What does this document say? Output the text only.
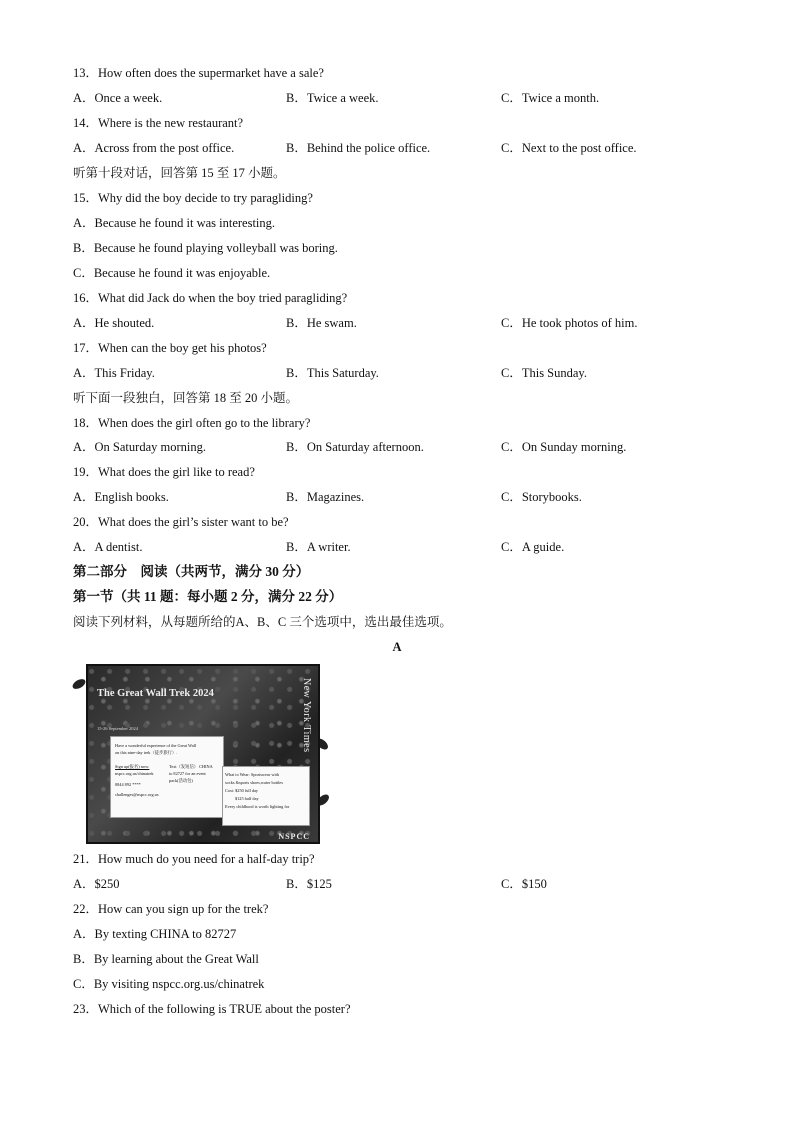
13．How often does the supermarket have a sale?
A．Once a week.	B．Twice a week.	C．Twice a month.
14．Where is the new restaurant?
A．Across from the post office.	B．Behind the police office.	C．Next to the post office.
听第十段对话，回答第 15 至 17 小题。
15．Why did the boy decide to try paragliding?
A．Because he found it was interesting.
B．Because he found playing volleyball was boring.
C．Because he found it was enjoyable.
16．What did Jack do when the boy tried paragliding?
A．He shouted.	B．He swam.	C．He took photos of him.
17．When can the boy get his photos?
A．This Friday.	B．This Saturday.	C．This Sunday.
听下面一段独白，回答第 18 至 20 小题。
18．When does the girl often go to the library?
A．On Saturday morning.	B．On Saturday afternoon.	C．On Sunday morning.
19．What does the girl like to read?
A．English books.	B．Magazines.	C．Storybooks.
20．What does the girl’s sister want to be?
A．A dentist.	B．A writer.	C．A guide.
第二部分　阅读（共两节，满分 30 分）
第一节（共 11 题：每小题 2 分，满分 22 分）
阅读下列材料，从每题所给的A、B、C 三个选项中，选出最佳选项。
A
The Great Wall Trek 2024
15-26 September 2024	New York Times
Have a wonderful experience of the Great Wall
on this nine-day trek（徒步旅行）.
Sign up(报名) now:
nspcc.org.us/chinatrek
0844 892 ****
challenges@nspcc.org.us
Text（发短信） CHINA
to 82727 for an event
pack(活动包)
What to Wear: Sportswear with
socks &sports shoes,water bottles
Cost: $250 full day
$125 half day
Every childhood is worth fighting for
NSPCC
21．How much do you need for a half-day trip?
A．$250	B．$125	C．$150
22．How can you sign up for the trek?
A．By texting CHINA to 82727
B．By learning about the Great Wall
C．By visiting nspcc.org.us/chinatrek
23．Which of the following is TRUE about the poster?
